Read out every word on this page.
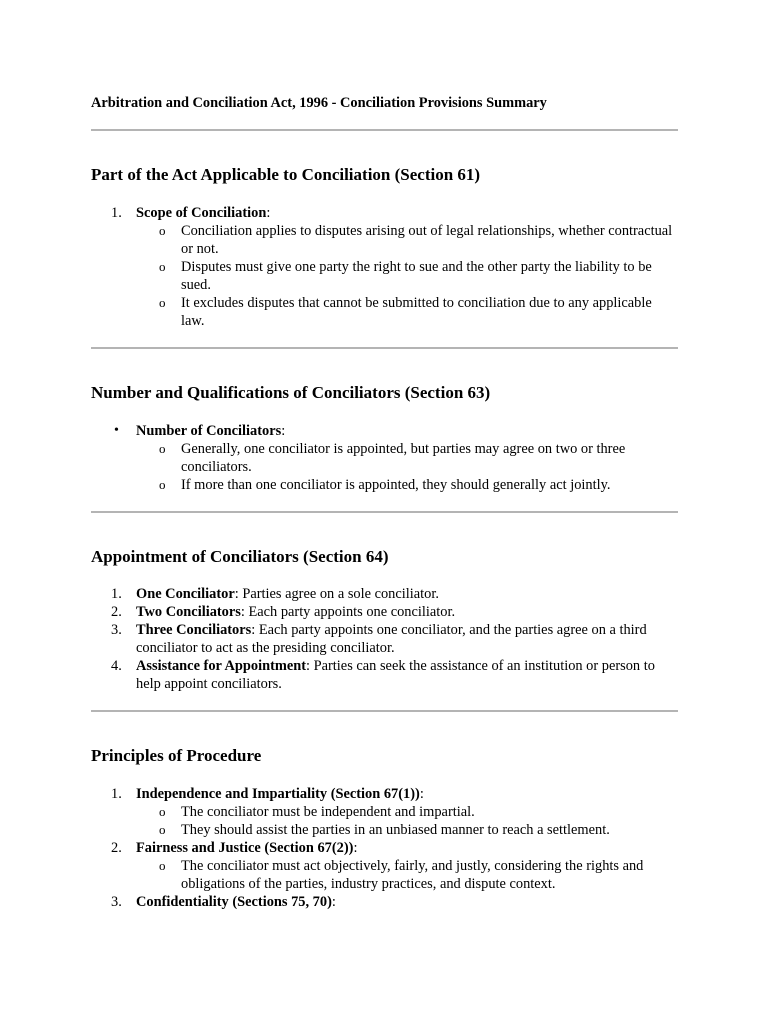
Arbitration and Conciliation Act, 1996 - Conciliation Provisions Summary

Part of the Act Applicable to Conciliation (Section 61)
1. Scope of Conciliation:
o Conciliation applies to disputes arising out of legal relationships, whether contractual or not.
o Disputes must give one party the right to sue and the other party the liability to be sued.
o It excludes disputes that cannot be submitted to conciliation due to any applicable law.
Number and Qualifications of Conciliators (Section 63)
• Number of Conciliators:
o Generally, one conciliator is appointed, but parties may agree on two or three conciliators.
o If more than one conciliator is appointed, they should generally act jointly.
Appointment of Conciliators (Section 64)
1. One Conciliator: Parties agree on a sole conciliator.
2. Two Conciliators: Each party appoints one conciliator.
3. Three Conciliators: Each party appoints one conciliator, and the parties agree on a third conciliator to act as the presiding conciliator.
4. Assistance for Appointment: Parties can seek the assistance of an institution or person to help appoint conciliators.
Principles of Procedure
1. Independence and Impartiality (Section 67(1)):
o The conciliator must be independent and impartial.
o They should assist the parties in an unbiased manner to reach a settlement.
2. Fairness and Justice (Section 67(2)):
o The conciliator must act objectively, fairly, and justly, considering the rights and obligations of the parties, industry practices, and dispute context.
3. Confidentiality (Sections 75, 70):
